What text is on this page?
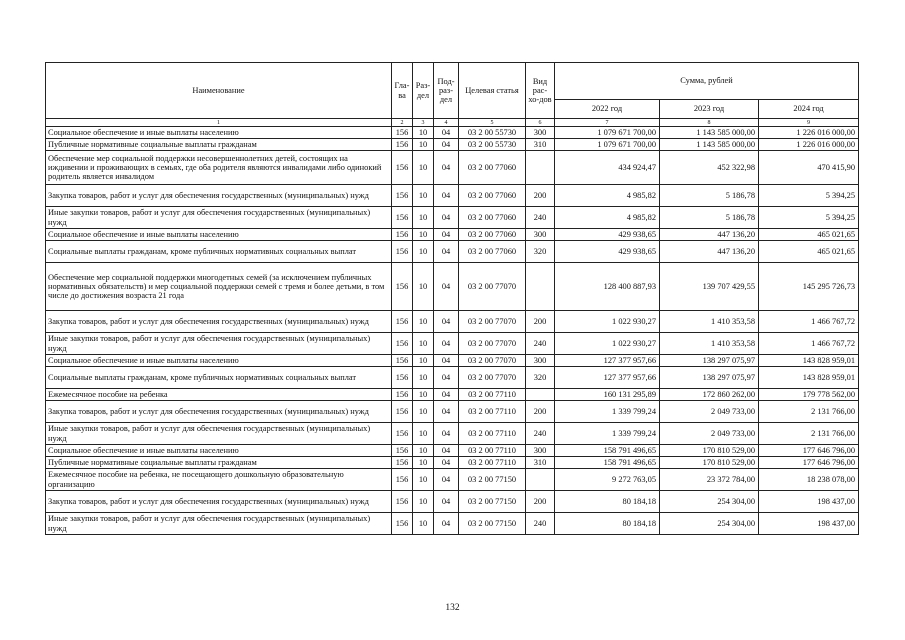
Наименование	Гла-ва	Раз-дел	Под-раз-дел	Целевая статья	Вид рас-хо-дов	Сумма, рублей		
						2022 год	2023 год	2024 год
1	2	3	4	5	6	7	8	9
Социальное обеспечение и иные выплаты населению	156	10	04	03 2 00 55730	300	1 079 671 700,00	1 143 585 000,00	1 226 016 000,00
Публичные нормативные социальные выплаты гражданам	156	10	04	03 2 00 55730	310	1 079 671 700,00	1 143 585 000,00	1 226 016 000,00
Обеспечение мер социальной поддержки несовершеннолетних детей, состоящих на иждивении и проживающих в семьях, где оба родителя являются инвалидами либо одинокий родитель является инвалидом	156	10	04	03 2 00 77060		434 924,47	452 322,98	470 415,90
Закупка товаров, работ и услуг для обеспечения государственных (муниципальных) нужд	156	10	04	03 2 00 77060	200	4 985,82	5 186,78	5 394,25
Иные закупки товаров, работ и услуг для обеспечения государственных (муниципальных) нужд	156	10	04	03 2 00 77060	240	4 985,82	5 186,78	5 394,25
Социальное обеспечение и иные выплаты населению	156	10	04	03 2 00 77060	300	429 938,65	447 136,20	465 021,65
Социальные выплаты гражданам, кроме публичных нормативных социальных выплат	156	10	04	03 2 00 77060	320	429 938,65	447 136,20	465 021,65
Обеспечение мер социальной поддержки многодетных семей (за исключением публичных нормативных обязательств) и мер социальной поддержки семей с тремя и более детьми, в том числе до достижения возраста 21 года	156	10	04	03 2 00 77070		128 400 887,93	139 707 429,55	145 295 726,73
Закупка товаров, работ и услуг для обеспечения государственных (муниципальных) нужд	156	10	04	03 2 00 77070	200	1 022 930,27	1 410 353,58	1 466 767,72
Иные закупки товаров, работ и услуг для обеспечения государственных (муниципальных) нужд	156	10	04	03 2 00 77070	240	1 022 930,27	1 410 353,58	1 466 767,72
Социальное обеспечение и иные выплаты населению	156	10	04	03 2 00 77070	300	127 377 957,66	138 297 075,97	143 828 959,01
Социальные выплаты гражданам, кроме публичных нормативных социальных выплат	156	10	04	03 2 00 77070	320	127 377 957,66	138 297 075,97	143 828 959,01
Ежемесячное пособие на ребенка	156	10	04	03 2 00 77110		160 131 295,89	172 860 262,00	179 778 562,00
Закупка товаров, работ и услуг для обеспечения государственных (муниципальных) нужд	156	10	04	03 2 00 77110	200	1 339 799,24	2 049 733,00	2 131 766,00
Иные закупки товаров, работ и услуг для обеспечения государственных (муниципальных) нужд	156	10	04	03 2 00 77110	240	1 339 799,24	2 049 733,00	2 131 766,00
Социальное обеспечение и иные выплаты населению	156	10	04	03 2 00 77110	300	158 791 496,65	170 810 529,00	177 646 796,00
Публичные нормативные социальные выплаты гражданам	156	10	04	03 2 00 77110	310	158 791 496,65	170 810 529,00	177 646 796,00
Ежемесячное пособие на ребенка, не посещающего дошкольную образовательную организацию	156	10	04	03 2 00 77150		9 272 763,05	23 372 784,00	18 238 078,00
Закупка товаров, работ и услуг для обеспечения государственных (муниципальных) нужд	156	10	04	03 2 00 77150	200	80 184,18	254 304,00	198 437,00
Иные закупки товаров, работ и услуг для обеспечения государственных (муниципальных) нужд	156	10	04	03 2 00 77150	240	80 184,18	254 304,00	198 437,00
132
